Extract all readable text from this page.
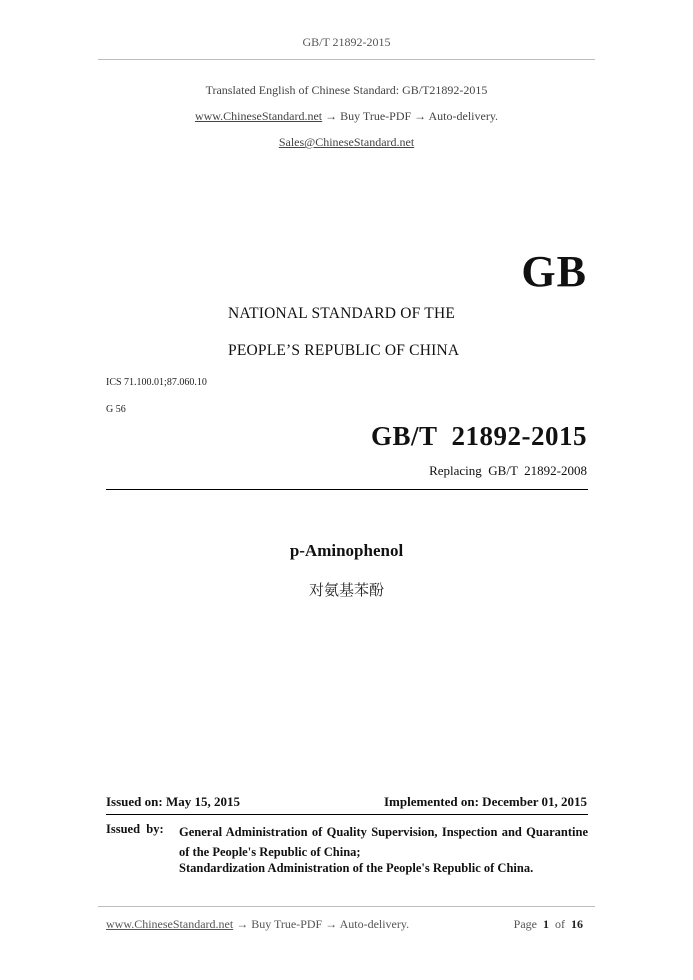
GB/T 21892-2015
Translated English of Chinese Standard: GB/T21892-2015
www.ChineseStandard.net → Buy True-PDF → Auto-delivery.
Sales@ChineseStandard.net
GB
NATIONAL STANDARD OF THE
PEOPLE’S REPUBLIC OF CHINA
ICS 71.100.01;87.060.10
G 56
GB/T  21892-2015
Replacing  GB/T  21892-2008
p-Aminophenol
对氨基苯酚
Issued on: May 15, 2015	Implemented on: December 01, 2015
Issued  by: General Administration of Quality Supervision, Inspection and Quarantine of the People's Republic of China;
Standardization Administration of the People's Republic of China.
www.ChineseStandard.net → Buy True-PDF → Auto-delivery.	Page 1 of 16
